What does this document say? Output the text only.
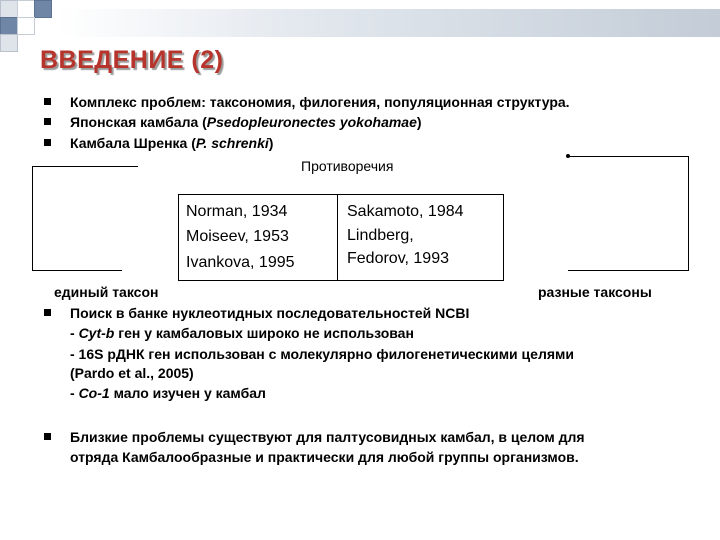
ВВЕДЕНИЕ (2)
Комплекс проблем: таксономия, филогения, популяционная структура.
Японская камбала (Psedopleuronectes yokohamae)
Камбала Шренка (P. schrenki)
Противоречия
Norman, 1934
Moiseev, 1953
Ivankova, 1995
Sakamoto, 1984
Lindberg,
Fedorov, 1993
единый таксон	разные таксоны
Поиск в банке нуклеотидных последовательностей NCBI
- Cyt-b ген у камбаловых широко не использован
- 16S рДНК ген использован с молекулярно филогенетическими целями
(Pardo et al., 2005)
- Co-1 мало изучен у камбал
Близкие проблемы существуют для палтусовидных камбал, в целом для
отряда Камбалообразные и практически для любой группы организмов.
